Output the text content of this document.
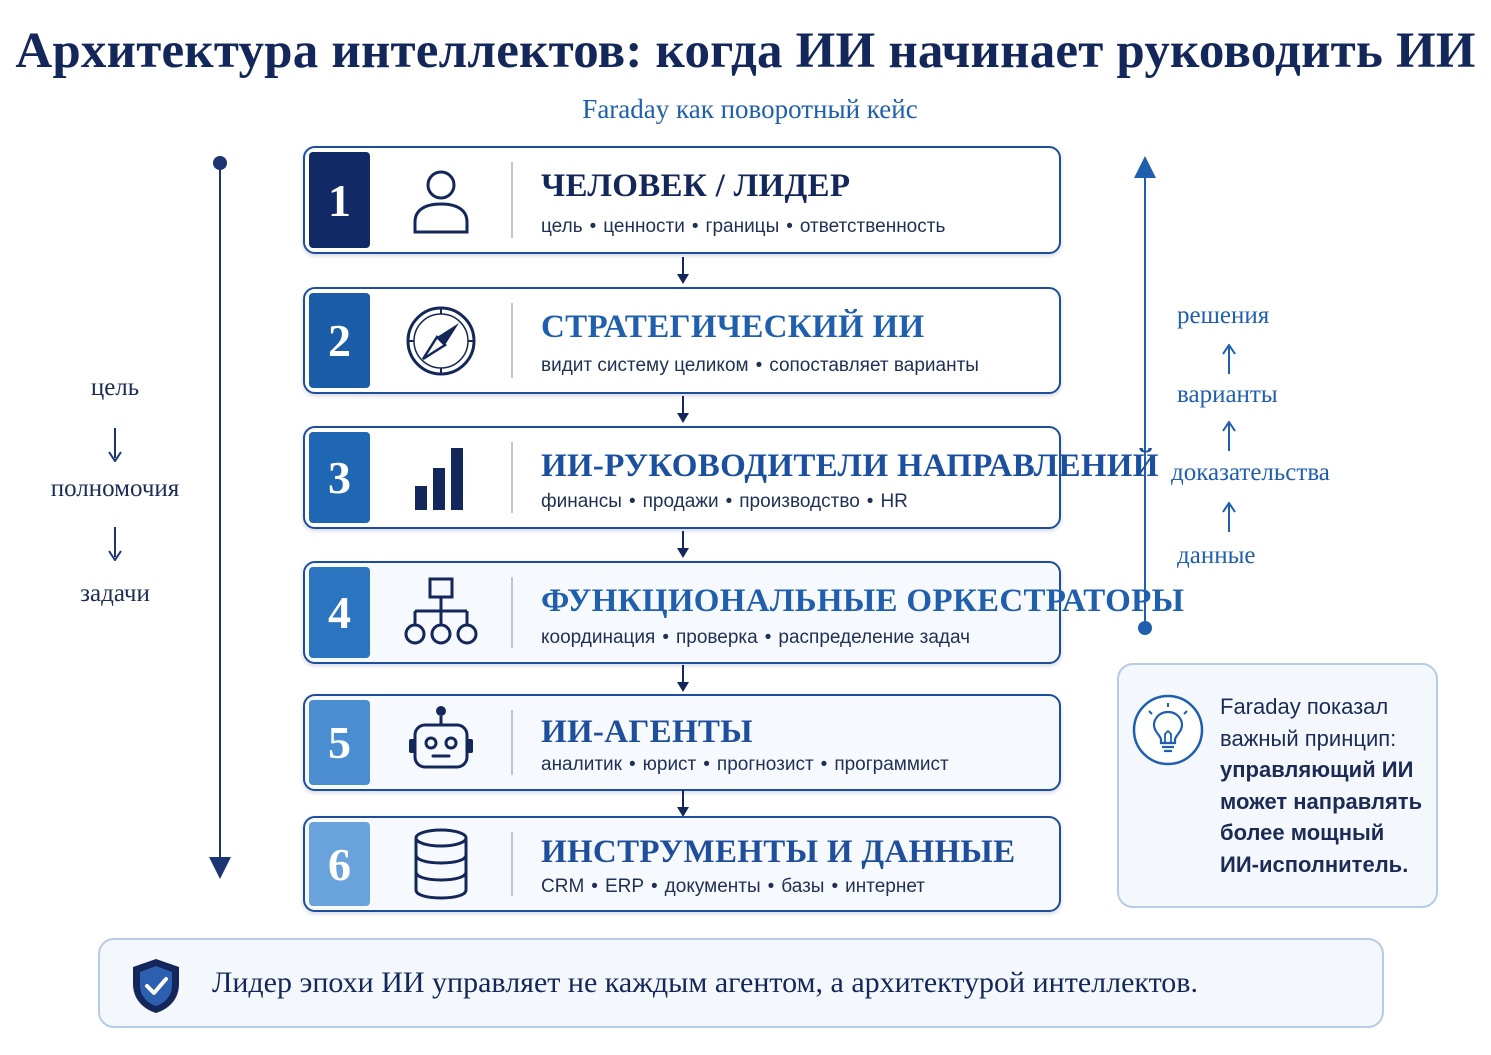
Архитектура интеллектов: когда ИИ начинает руководить ИИ
Faraday как поворотный кейс
цель
полномочия
задачи
решения
варианты
доказательства
данные
1	ЧЕЛОВЕК / ЛИДЕР
цель • ценности • границы • ответственность
2	СТРАТЕГИЧЕСКИЙ ИИ
видит систему целиком • сопоставляет варианты
3	ИИ-РУКОВОДИТЕЛИ НАПРАВЛЕНИЙ
финансы • продажи • производство • HR
4	ФУНКЦИОНАЛЬНЫЕ ОРКЕСТРАТОРЫ
координация • проверка • распределение задач
5	ИИ-АГЕНТЫ
аналитик • юрист • прогнозист • программист
6	ИНСТРУМЕНТЫ И ДАННЫЕ
CRM • ERP • документы • базы • интернет
Faraday показал
важный принцип:
управляющий ИИ
может направлять
более мощный
ИИ-исполнитель.
Лидер эпохи ИИ управляет не каждым агентом, а архитектурой интеллектов.
